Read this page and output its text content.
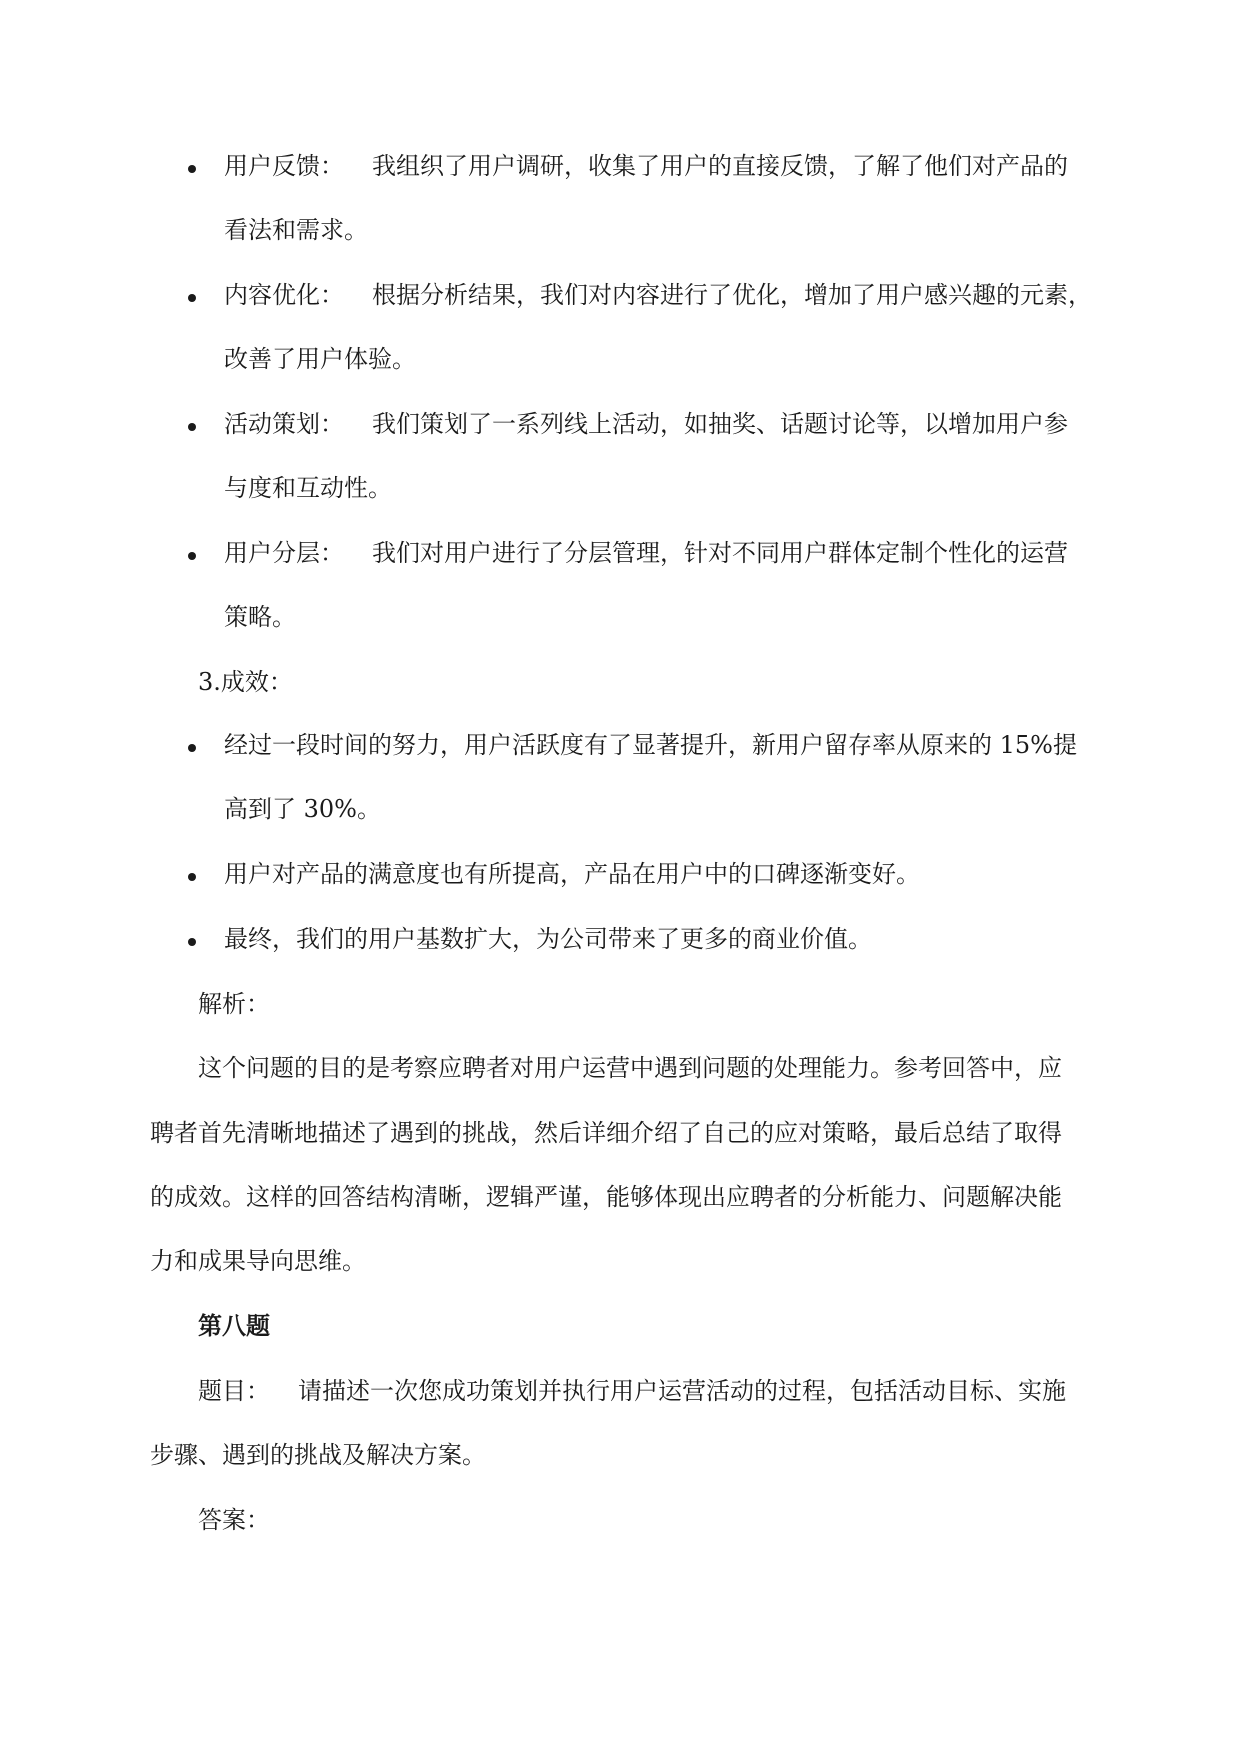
用户反馈： 我组织了用户调研，收集了用户的直接反馈，了解了他们对产品的
看法和需求。
内容优化： 根据分析结果，我们对内容进行了优化，增加了用户感兴趣的元素，
改善了用户体验。
活动策划： 我们策划了一系列线上活动，如抽奖、话题讨论等，以增加用户参
与度和互动性。
用户分层： 我们对用户进行了分层管理，针对不同用户群体定制个性化的运营
策略。
3.成效：
经过一段时间的努力，用户活跃度有了显著提升，新用户留存率从原来的 15%提
高到了 30%。
用户对产品的满意度也有所提高，产品在用户中的口碑逐渐变好。
最终，我们的用户基数扩大，为公司带来了更多的商业价值。
解析：
这个问题的目的是考察应聘者对用户运营中遇到问题的处理能力。参考回答中，应
聘者首先清晰地描述了遇到的挑战，然后详细介绍了自己的应对策略，最后总结了取得
的成效。这样的回答结构清晰，逻辑严谨，能够体现出应聘者的分析能力、问题解决能
力和成果导向思维。
第八题
题目： 请描述一次您成功策划并执行用户运营活动的过程，包括活动目标、实施
步骤、遇到的挑战及解决方案。
答案：
